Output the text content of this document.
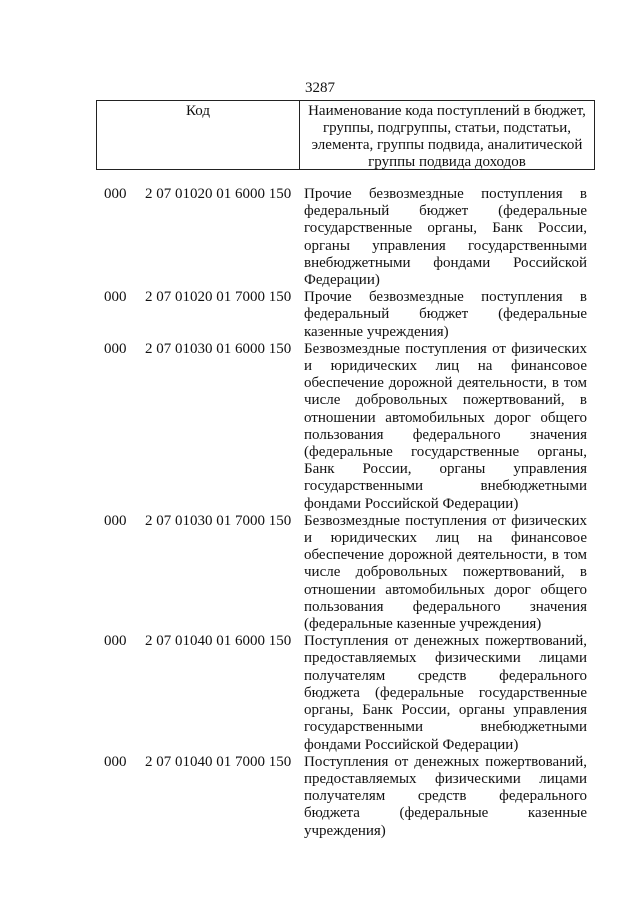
3287
Код	Наименование кода поступлений в бюджет, группы, подгруппы, статьи, подстатьи, элемента, группы подвида, аналитической группы подвида доходов
000 2 07 01020 01 6000 150 Прочие безвозмездные поступления в федеральный бюджет (федеральные государственные органы, Банк России, органы управления государственными внебюджетными фондами Российской Федерации)
000 2 07 01020 01 7000 150 Прочие безвозмездные поступления в федеральный бюджет (федеральные казенные учреждения)
000 2 07 01030 01 6000 150 Безвозмездные поступления от физических и юридических лиц на финансовое обеспечение дорожной деятельности, в том числе добровольных пожертвований, в отношении автомобильных дорог общего пользования федерального значения (федеральные государственные органы, Банк России, органы управления государственными внебюджетными фондами Российской Федерации)
000 2 07 01030 01 7000 150 Безвозмездные поступления от физических и юридических лиц на финансовое обеспечение дорожной деятельности, в том числе добровольных пожертвований, в отношении автомобильных дорог общего пользования федерального значения (федеральные казенные учреждения)
000 2 07 01040 01 6000 150 Поступления от денежных пожертвований, предоставляемых физическими лицами получателям средств федерального бюджета (федеральные государственные органы, Банк России, органы управления государственными внебюджетными фондами Российской Федерации)
000 2 07 01040 01 7000 150 Поступления от денежных пожертвований, предоставляемых физическими лицами получателям средств федерального бюджета (федеральные казенные учреждения)
